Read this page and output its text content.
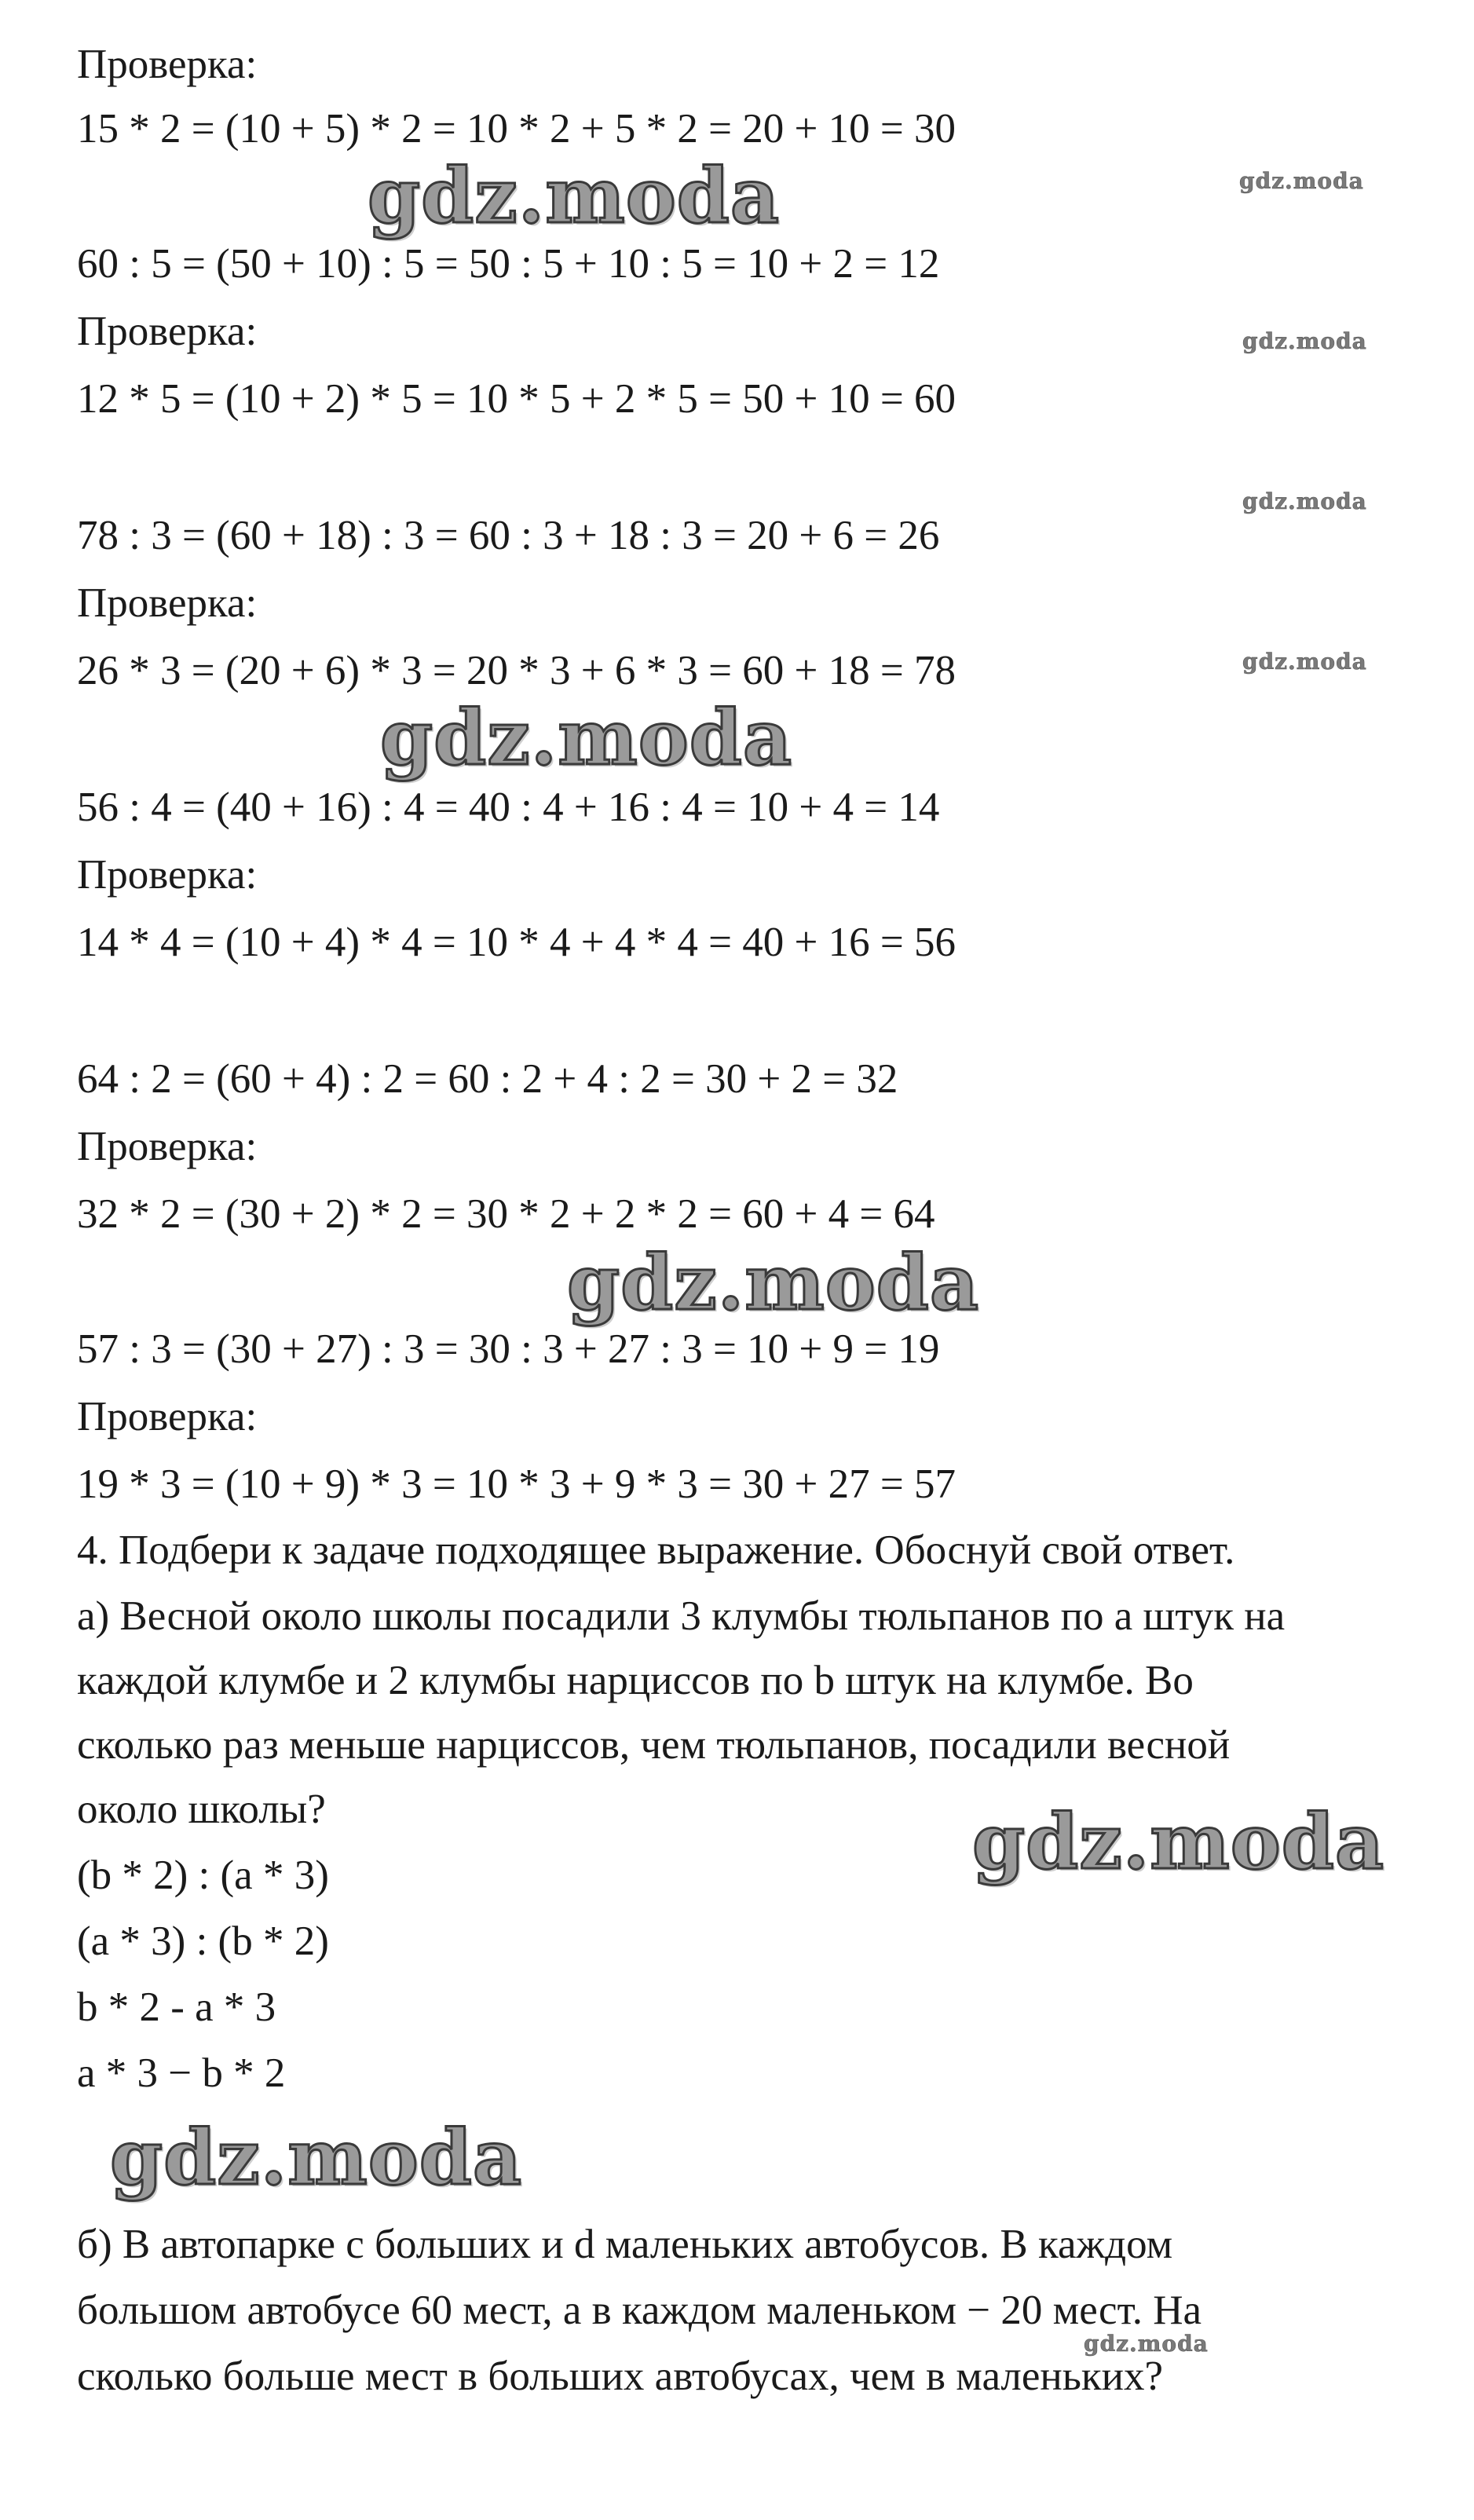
Проверка:
15 * 2 = (10 + 5) * 2 = 10 * 2 + 5 * 2 = 20 + 10 = 30
60 : 5 = (50 + 10) : 5 = 50 : 5 + 10 : 5 = 10 + 2 = 12
Проверка:
12 * 5 = (10 + 2) * 5 = 10 * 5 + 2 * 5 = 50 + 10 = 60
78 : 3 = (60 + 18) : 3 = 60 : 3 + 18 : 3 = 20 + 6 = 26
Проверка:
26 * 3 = (20 + 6) * 3 = 20 * 3 + 6 * 3 = 60 + 18 = 78
56 : 4 = (40 + 16) : 4 = 40 : 4 + 16 : 4 = 10 + 4 = 14
Проверка:
14 * 4 = (10 + 4) * 4 = 10 * 4 + 4 * 4 = 40 + 16 = 56
64 : 2 = (60 + 4) : 2 = 60 : 2 + 4 : 2 = 30 + 2 = 32
Проверка:
32 * 2 = (30 + 2) * 2 = 30 * 2 + 2 * 2 = 60 + 4 = 64
57 : 3 = (30 + 27) : 3 = 30 : 3 + 27 : 3 = 10 + 9 = 19
Проверка:
19 * 3 = (10 + 9) * 3 = 10 * 3 + 9 * 3 = 30 + 27 = 57
4. Подбери к задаче подходящее выражение. Обоснуй свой ответ.
а) Весной около школы посадили 3 клумбы тюльпанов по a штук на
каждой клумбе и 2 клумбы нарциссов по b штук на клумбе. Во
сколько раз меньше нарциссов, чем тюльпанов, посадили весной
около школы?
(b * 2) : (a * 3)
(a * 3) : (b * 2)
b * 2 - a * 3
a * 3 − b * 2
б) В автопарке c больших и d маленьких автобусов. В каждом
большом автобусе 60 мест, а в каждом маленьком − 20 мест. На
сколько больше мест в больших автобусах, чем в маленьких?
gdz.moda
gdz.moda
gdz.moda
gdz.moda
gdz.moda
gdz.moda
gdz.moda
gdz.moda
gdz.moda
gdz.moda
